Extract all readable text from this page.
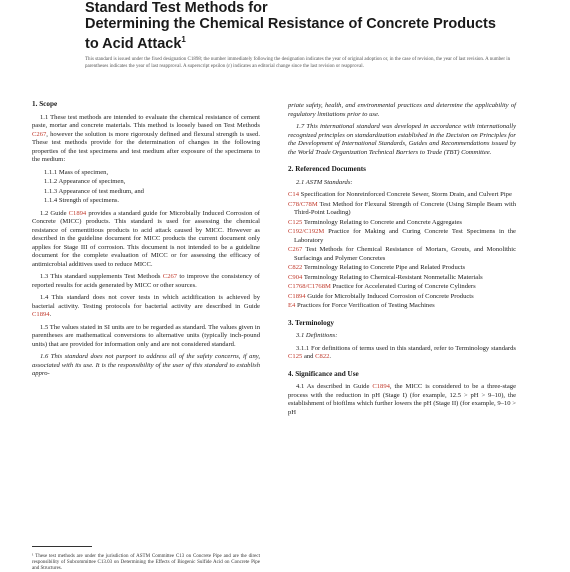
Standard Test Methods for
Determining the Chemical Resistance of Concrete Products
to Acid Attack$^1$

This standard is issued under the fixed designation C1898; the number immediately following the designation indicates the year of original adoption or, in the case of revision, the year of last revision. A number in parentheses indicates the year of last reapproval. A superscript epsilon (ε) indicates an editorial change since the last revision or reapproval.

1. Scope

1.1 These test methods are intended to evaluate the chemical resistance of cement paste, mortar and concrete materials. This method is loosely based on Test Methods C267, however the solution is more rigorously defined and flexural strength is used. These test methods provide for the determination of changes in the following properties of the test specimens and test medium after exposure of the specimens to the medium:

1.1.1 Mass of specimen,

1.1.2 Appearance of specimen,

1.1.3 Appearance of test medium, and

1.1.4 Strength of specimens.

1.2 Guide C1894 provides a standard guide for Microbially Induced Corrosion of Concrete (MICC) products. This standard is used for assessing the chemical resistance of cementitious products to acid attack caused by MICC. However as described in the guideline document for MICC products the current document only applies for Stage III of corrosion. This document is not intended to be a guideline document for the complete evaluation of MICC or for assessing the efficacy of antimicrobial additives used to reduce MICC.

1.3 This standard supplements Test Methods C267 to improve the consistency of reported results for acids generated by MICC or other sources.

1.4 This standard does not cover tests in which acidification is achieved by bacterial activity. Testing protocols for bacterial activity are described in Guide C1894.

1.5 The values stated in SI units are to be regarded as standard. The values given in parentheses are mathematical conversions to alternative units (typically inch-pound units) that are provided for information only and are not considered standard.

1.6 This standard does not purport to address all of the safety concerns, if any, associated with its use. It is the responsibility of the user of this standard to establish appro-

priate safety, health, and environmental practices and determine the applicability of regulatory limitations prior to use.

1.7 This international standard was developed in accordance with internationally recognized principles on standardization established in the Decision on Principles for the Development of International Standards, Guides and Recommendations issued by the World Trade Organization Technical Barriers to Trade (TBT) Committee.

2. Referenced Documents

2.1 ASTM Standards:

C14 Specification for Nonreinforced Concrete Sewer, Storm Drain, and Culvert Pipe

C78/C78M Test Method for Flexural Strength of Concrete (Using Simple Beam with Third-Point Loading)

C125 Terminology Relating to Concrete and Concrete Aggregates

C192/C192M Practice for Making and Curing Concrete Test Specimens in the Laboratory

C267 Test Methods for Chemical Resistance of Mortars, Grouts, and Monolithic Surfacings and Polymer Concretes

C822 Terminology Relating to Concrete Pipe and Related Products

C904 Terminology Relating to Chemical-Resistant Nonmetallic Materials

C1768/C1768M Practice for Accelerated Curing of Concrete Cylinders

C1894 Guide for Microbially Induced Corrosion of Concrete Products

E4 Practices for Force Verification of Testing Machines

3. Terminology

3.1 Definitions:

3.1.1 For definitions of terms used in this standard, refer to Terminology standards C125 and C822.

4. Significance and Use

4.1 As described in Guide C1894, the MICC is considered to be a three-stage process with the reduction in pH (Stage I) (for example, 12.5 > pH > 9–10), the establishment of biofilms which further lowers the pH (Stage II) (for example, 9–10 > pH

¹ These test methods are under the jurisdiction of ASTM Committee C13 on Concrete Pipe and are the direct responsibility of Subcommittee C13.03 on Determining the Effects of Biogenic Sulfide Acid on Concrete Pipe and Structures.
